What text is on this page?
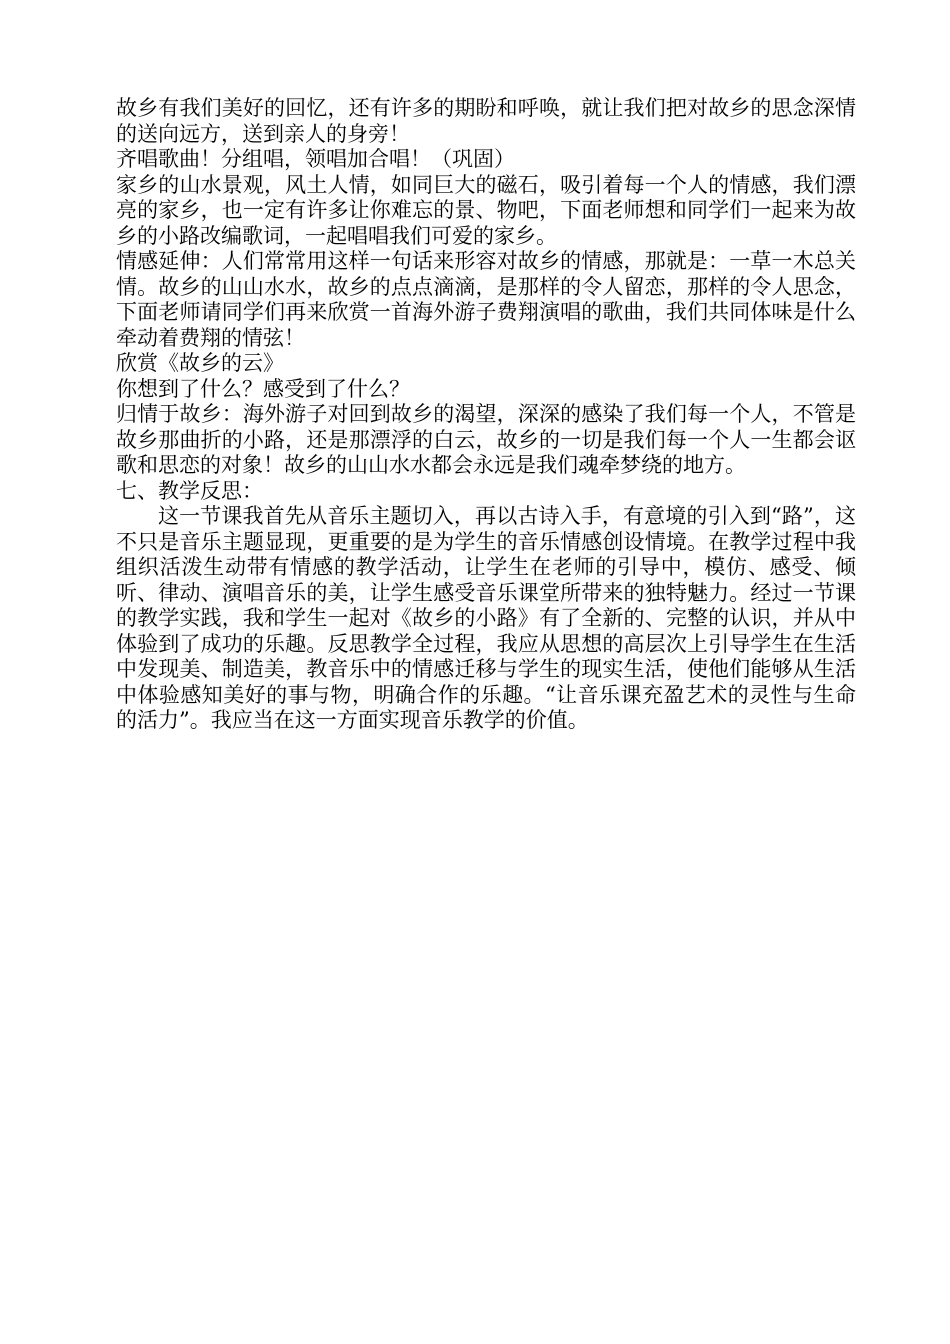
故乡有我们美好的回忆，还有许多的期盼和呼唤，就让我们把对故乡的思念深情的送向远方，送到亲人的身旁！

齐唱歌曲！分组唱，领唱加合唱！（巩固）

家乡的山水景观，风土人情，如同巨大的磁石，吸引着每一个人的情感，我们漂亮的家乡，也一定有许多让你难忘的景、物吧，下面老师想和同学们一起来为故乡的小路改编歌词，一起唱唱我们可爱的家乡。

情感延伸：人们常常用这样一句话来形容对故乡的情感，那就是：一草一木总关情。故乡的山山水水，故乡的点点滴滴，是那样的令人留恋，那样的令人思念，下面老师请同学们再来欣赏一首海外游子费翔演唱的歌曲，我们共同体味是什么牵动着费翔的情弦！

欣赏《故乡的云》

你想到了什么？感受到了什么？

归情于故乡：海外游子对回到故乡的渴望，深深的感染了我们每一个人，不管是故乡那曲折的小路，还是那漂浮的白云，故乡的一切是我们每一个人一生都会讴歌和思恋的对象！故乡的山山水水都会永远是我们魂牵梦绕的地方。

七、教学反思：

这一节课我首先从音乐主题切入，再以古诗入手，有意境的引入到“路”，这不只是音乐主题显现，更重要的是为学生的音乐情感创设情境。在教学过程中我组织活泼生动带有情感的教学活动，让学生在老师的引导中，模仿、感受、倾听、律动、演唱音乐的美，让学生感受音乐课堂所带来的独特魅力。经过一节课的教学实践，我和学生一起对《故乡的小路》有了全新的、完整的认识，并从中体验到了成功的乐趣。反思教学全过程，我应从思想的高层次上引导学生在生活中发现美、制造美，教音乐中的情感迁移与学生的现实生活，使他们能够从生活中体验感知美好的事与物，明确合作的乐趣。“让音乐课充盈艺术的灵性与生命的活力”。我应当在这一方面实现音乐教学的价值。
